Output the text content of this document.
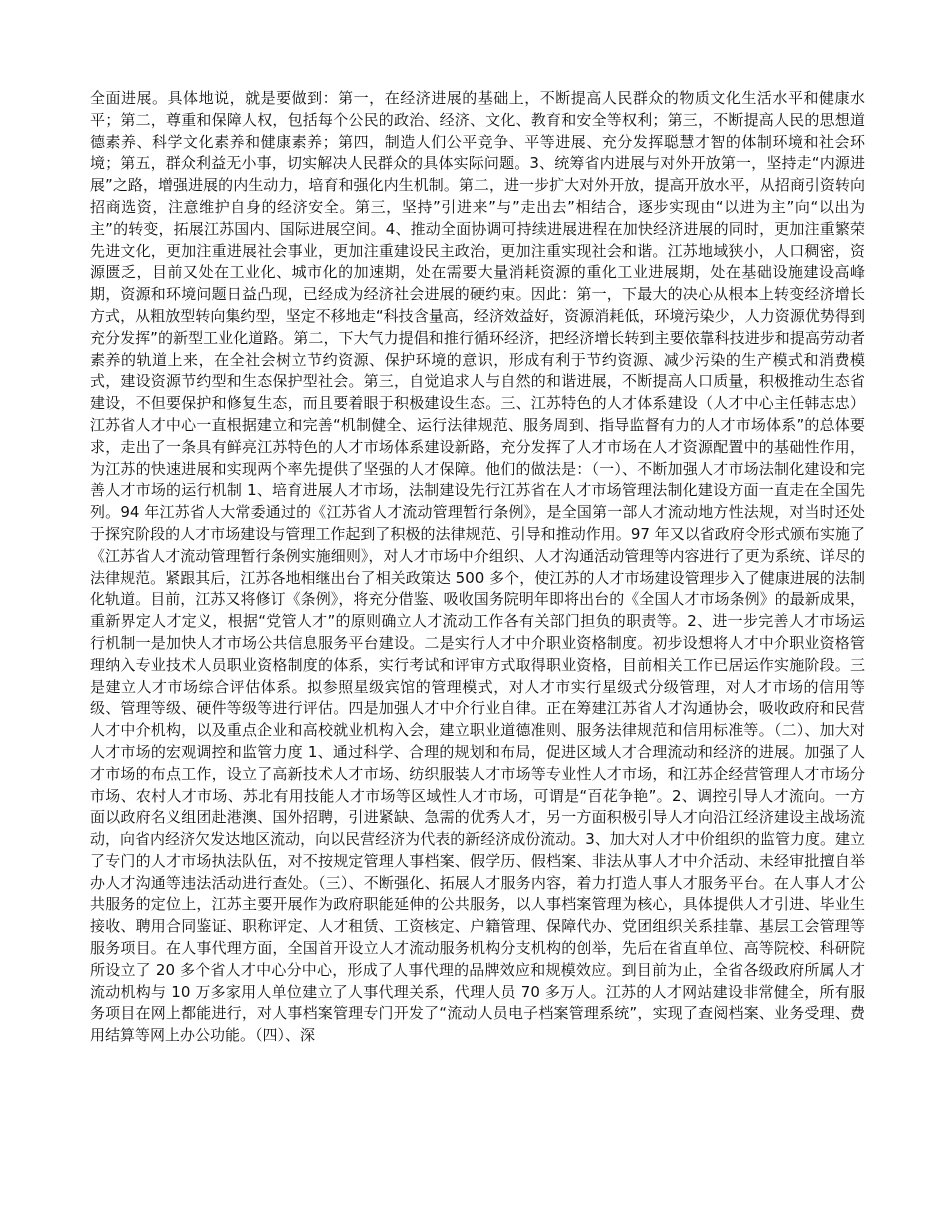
全面进展。具体地说，就是要做到：第一，在经济进展的基础上，不断提高人民群众的物质文化生活水平和健康水平；第二，尊重和保障人权，包括每个公民的政治、经济、文化、教育和安全等权利；第三，不断提高人民的思想道德素养、科学文化素养和健康素养；第四，制造人们公平竞争、平等进展、充分发挥聪慧才智的体制环境和社会环境；第五，群众利益无小事，切实解决人民群众的具体实际问题。3、统筹省内进展与对外开放第一，坚持走“内源进展”之路，增强进展的内生动力，培育和强化内生机制。第二，进一步扩大对外开放，提高开放水平，从招商引资转向招商选资，注意维护自身的经济安全。第三，坚持”引进来”与”走出去”相结合，逐步实现由“以进为主”向“以出为主”的转变，拓展江苏国内、国际进展空间。4、推动全面协调可持续进展进程在加快经济进展的同时，更加注重繁荣先进文化，更加注重进展社会事业，更加注重建设民主政治，更加注重实现社会和谐。江苏地域狭小，人口稠密，资源匮乏，目前又处在工业化、城市化的加速期，处在需要大量消耗资源的重化工业进展期，处在基础设施建设高峰期，资源和环境问题日益凸现，已经成为经济社会进展的硬约束。因此：第一，下最大的决心从根本上转变经济增长方式，从粗放型转向集约型，坚定不移地走“科技含量高，经济效益好，资源消耗低，环境污染少，人力资源优势得到充分发挥”的新型工业化道路。第二，下大气力提倡和推行循环经济，把经济增长转到主要依靠科技进步和提高劳动者素养的轨道上来，在全社会树立节约资源、保护环境的意识，形成有利于节约资源、减少污染的生产模式和消费模式，建设资源节约型和生态保护型社会。第三，自觉追求人与自然的和谐进展，不断提高人口质量，积极推动生态省建设，不但要保护和修复生态，而且要着眼于积极建设生态。三、江苏特色的人才体系建设（人才中心主任韩志忠）江苏省人才中心一直根据建立和完善“机制健全、运行法律规范、服务周到、指导监督有力的人才市场体系”的总体要求，走出了一条具有鲜亮江苏特色的人才市场体系建设新路，充分发挥了人才市场在人才资源配置中的基础性作用，为江苏的快速进展和实现两个率先提供了坚强的人才保障。他们的做法是：（一）、不断加强人才市场法制化建设和完善人才市场的运行机制 1、培育进展人才市场，法制建设先行江苏省在人才市场管理法制化建设方面一直走在全国先列。94 年江苏省人大常委通过的《江苏省人才流动管理暂行条例》，是全国第一部人才流动地方性法规，对当时还处于探究阶段的人才市场建设与管理工作起到了积极的法律规范、引导和推动作用。97 年又以省政府令形式颁布实施了《江苏省人才流动管理暂行条例实施细则》，对人才市场中介组织、人才沟通活动管理等内容进行了更为系统、详尽的法律规范。紧跟其后，江苏各地相继出台了相关政策达 500 多个，使江苏的人才市场建设管理步入了健康进展的法制化轨道。目前，江苏又将修订《条例》，将充分借鉴、吸收国务院明年即将出台的《全国人才市场条例》的最新成果，重新界定人才定义，根据“党管人才”的原则确立人才流动工作各有关部门担负的职责等。2、进一步完善人才市场运行机制一是加快人才市场公共信息服务平台建设。二是实行人才中介职业资格制度。初步设想将人才中介职业资格管理纳入专业技术人员职业资格制度的体系，实行考试和评审方式取得职业资格，目前相关工作已居运作实施阶段。三是建立人才市场综合评估体系。拟参照星级宾馆的管理模式，对人才市实行星级式分级管理，对人才市场的信用等级、管理等级、硬件等级等进行评估。四是加强人才中介行业自律。正在筹建江苏省人才沟通协会，吸收政府和民营人才中介机构，以及重点企业和高校就业机构入会，建立职业道德准则、服务法律规范和信用标准等。（二）、加大对人才市场的宏观调控和监管力度 1、通过科学、合理的规划和布局，促进区域人才合理流动和经济的进展。加强了人才市场的布点工作，设立了高新技术人才市场、纺织服装人才市场等专业性人才市场，和江苏企经营管理人才市场分市场、农村人才市场、苏北有用技能人才市场等区域性人才市场，可谓是“百花争艳”。2、调控引导人才流向。一方面以政府名义组团赴港澳、国外招聘，引进紧缺、急需的优秀人才，另一方面积极引导人才向沿江经济建设主战场流动，向省内经济欠发达地区流动，向以民营经济为代表的新经济成份流动。3、加大对人才中价组织的监管力度。建立了专门的人才市场执法队伍，对不按规定管理人事档案、假学历、假档案、非法从事人才中介活动、未经审批擅自举办人才沟通等违法活动进行查处。（三）、不断强化、拓展人才服务内容，着力打造人事人才服务平台。在人事人才公共服务的定位上，江苏主要开展作为政府职能延伸的公共服务，以人事档案管理为核心，具体提供人才引进、毕业生接收、聘用合同鉴证、职称评定、人才租赁、工资核定、户籍管理、保障代办、党团组织关系挂靠、基层工会管理等服务项目。在人事代理方面，全国首开设立人才流动服务机构分支机构的创举，先后在省直单位、高等院校、科研院所设立了 20 多个省人才中心分中心，形成了人事代理的品牌效应和规模效应。到目前为止，全省各级政府所属人才流动机构与 10 万多家用人单位建立了人事代理关系，代理人员 70 多万人。江苏的人才网站建设非常健全，所有服务项目在网上都能进行，对人事档案管理专门开发了“流动人员电子档案管理系统”，实现了查阅档案、业务受理、费用结算等网上办公功能。（四）、深
